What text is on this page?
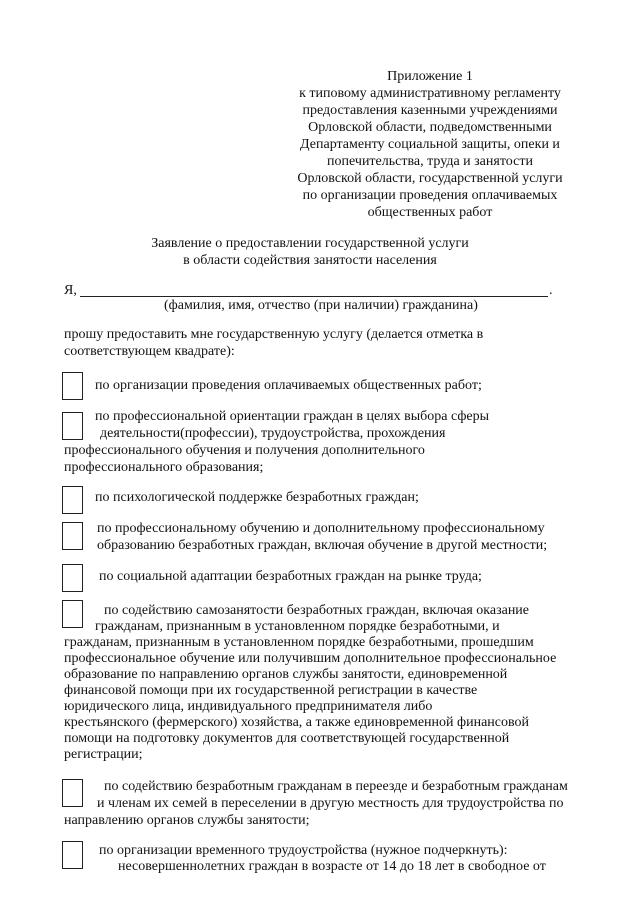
Приложение 1
к типовому административному регламенту
предоставления казенными учреждениями
Орловской области, подведомственными
Департаменту социальной защиты, опеки и
попечительства, труда и занятости
Орловской области, государственной услуги
по организации проведения оплачиваемых
общественных работ
Заявление о предоставлении государственной услуги
в области содействия занятости населения
Я,	.
(фамилия, имя, отчество (при наличии) гражданина)
прошу предоставить мне государственную услугу (делается отметка в
соответствующем квадрате):
по организации проведения оплачиваемых общественных работ;
по профессиональной ориентации граждан в целях выбора сферы
деятельности(профессии), трудоустройства, прохождения
профессионального обучения и получения дополнительного
профессионального образования;
по психологической поддержке безработных граждан;
по профессиональному обучению и дополнительному профессиональному
образованию безработных граждан, включая обучение в другой местности;
по социальной адаптации безработных граждан на рынке труда;
по содействию самозанятости безработных граждан, включая оказание
гражданам, признанным в установленном порядке безработными, и
гражданам, признанным в установленном порядке безработными, прошедшим
профессиональное обучение или получившим дополнительное профессиональное
образование по направлению органов службы занятости, единовременной
финансовой помощи при их государственной регистрации в качестве
юридического лица, индивидуального предпринимателя либо
крестьянского (фермерского) хозяйства, а также единовременной финансовой
помощи на подготовку документов для соответствующей государственной
регистрации;
по содействию безработным гражданам в переезде и безработным гражданам
и членам их семей в переселении в другую местность для трудоустройства по
направлению органов службы занятости;
по организации временного трудоустройства (нужное подчеркнуть):
несовершеннолетних граждан в возрасте от 14 до 18 лет в свободное от
